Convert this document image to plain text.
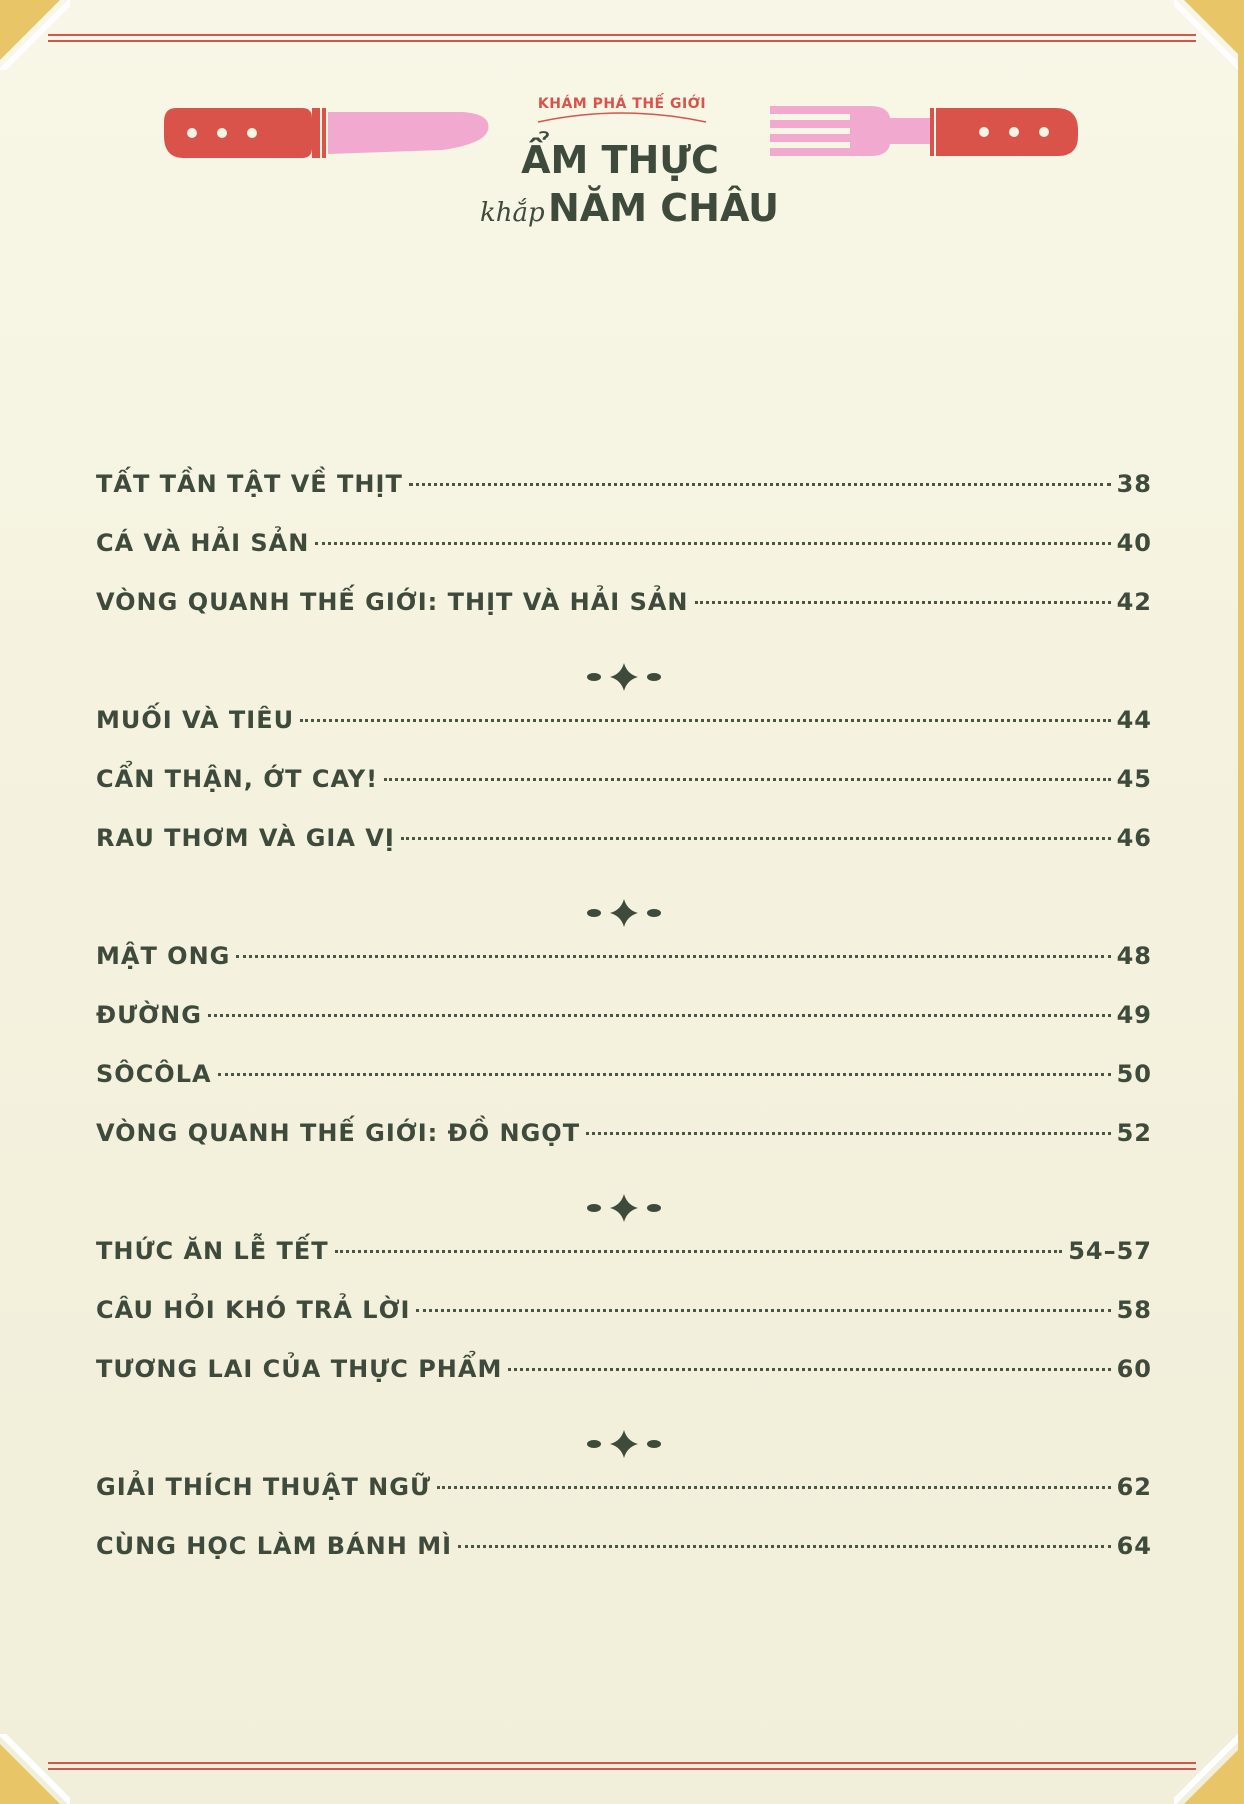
KHÁM PHÁ THẾ GIỚI
ẨM THỰC
khắp NĂM CHÂU
TẤT TẦN TẬT VỀ THỊT	38
CÁ VÀ HẢI SẢN	40
VÒNG QUANH THẾ GIỚI: THỊT VÀ HẢI SẢN	42
MUỐI VÀ TIÊU	44
CẨN THẬN, ỚT CAY!	45
RAU THƠM VÀ GIA VỊ	46
MẬT ONG	48
ĐƯỜNG	49
SÔCÔLA	50
VÒNG QUANH THẾ GIỚI: ĐỒ NGỌT	52
THỨC ĂN LỄ TẾT	54–57
CÂU HỎI KHÓ TRẢ LỜI	58
TƯƠNG LAI CỦA THỰC PHẨM	60
GIẢI THÍCH THUẬT NGỮ	62
CÙNG HỌC LÀM BÁNH MÌ	64
